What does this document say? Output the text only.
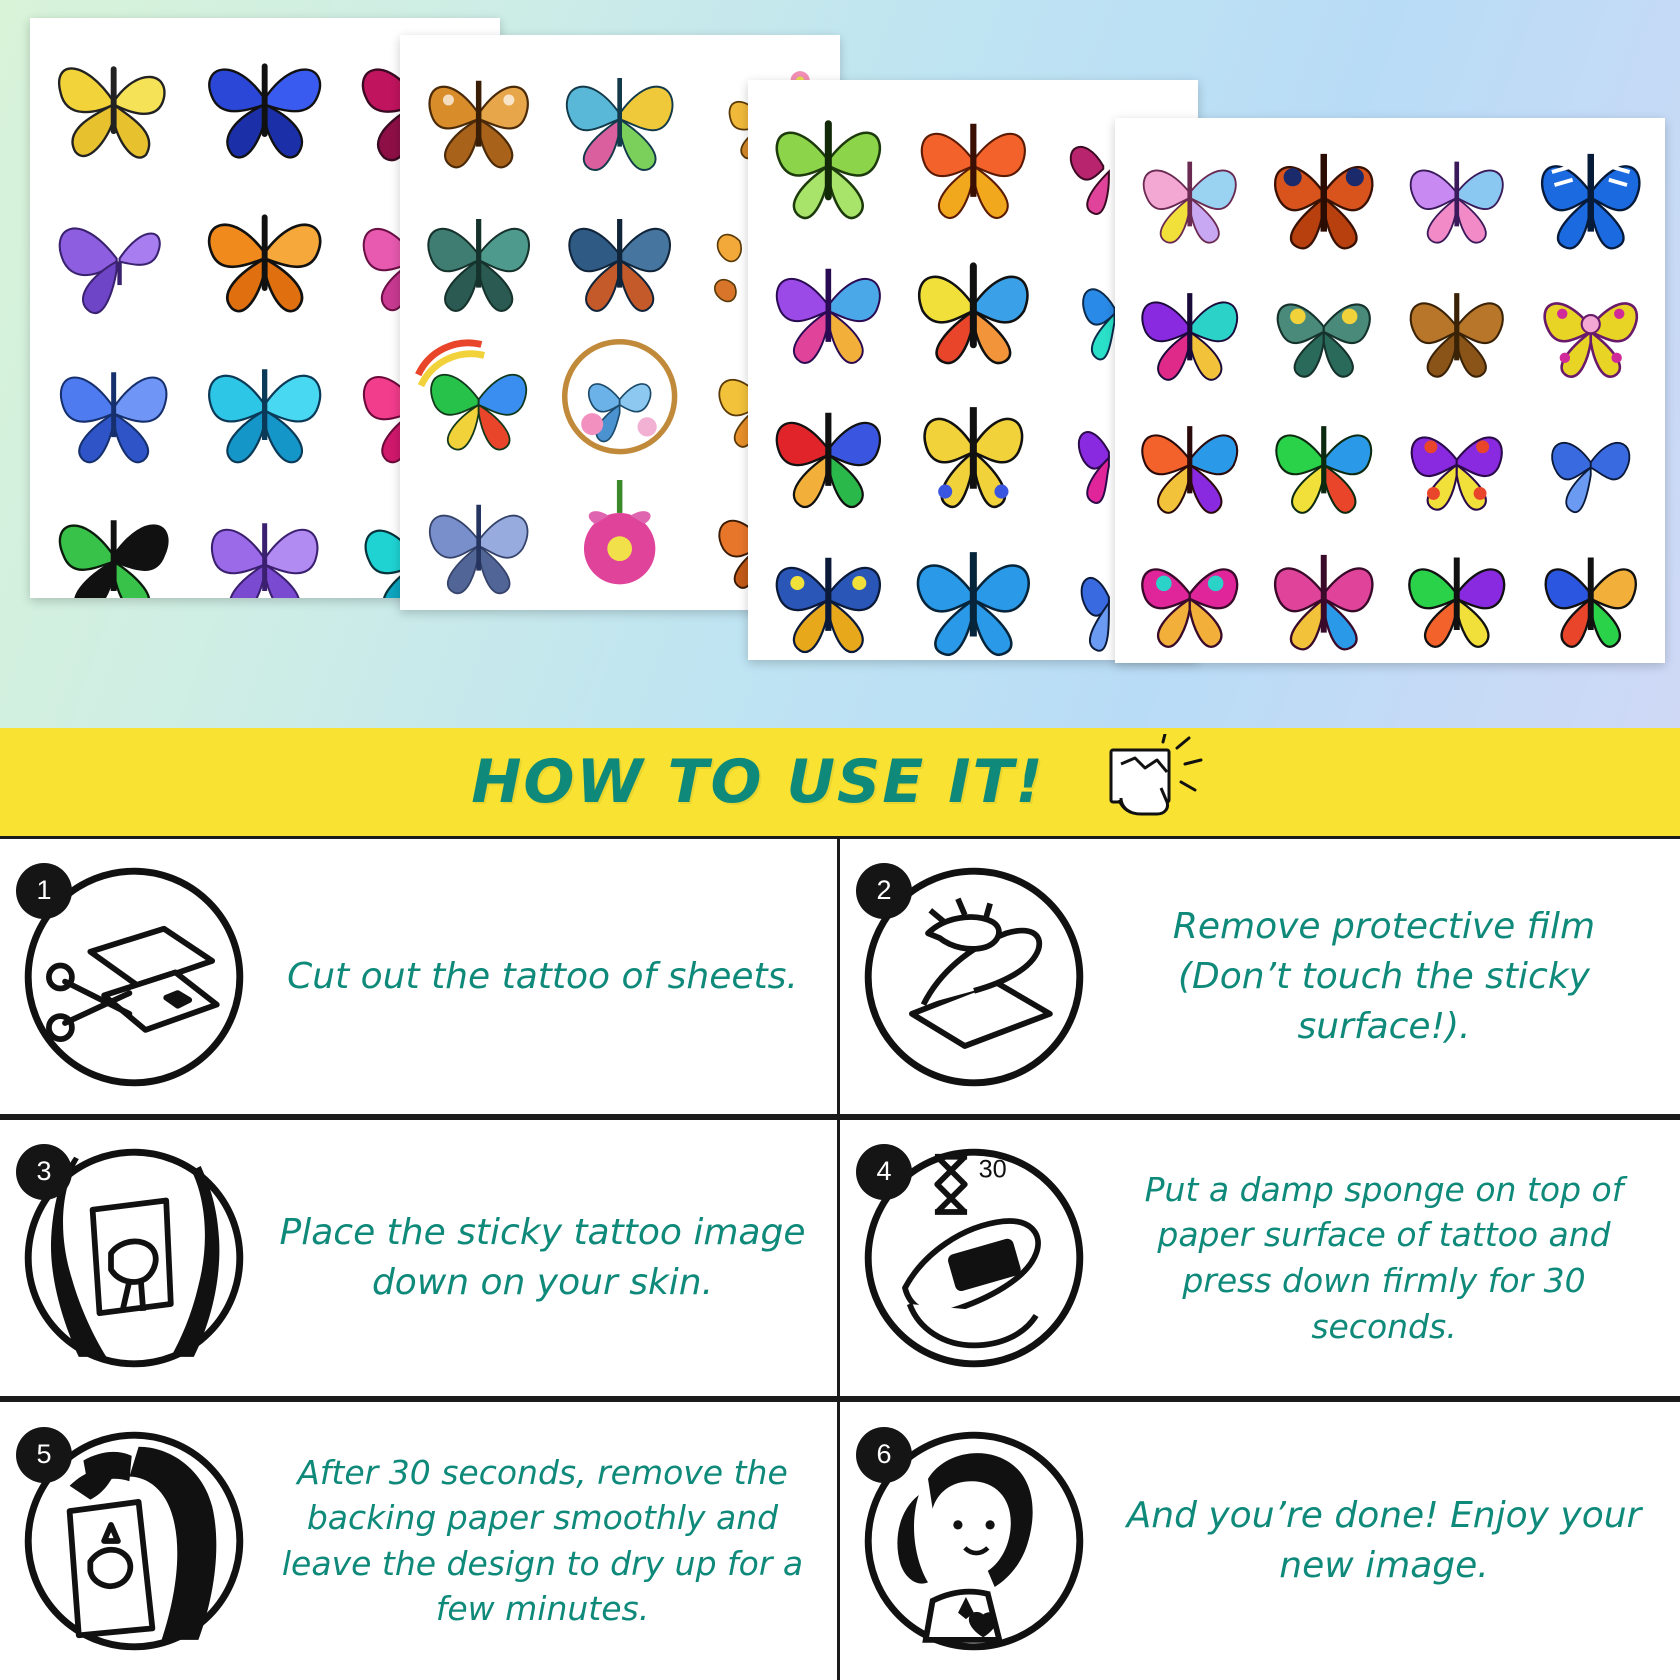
HOW TO USE IT!
1
Cut out the tattoo of sheets.
2
Remove protective film (Don’t touch the sticky surface!).
3
Place the sticky tattoo image down on your skin.
4	30
Put a damp sponge on top of paper surface of tattoo and press down firmly for 30 seconds.
5	After 30 seconds, remove the backing paper smoothly and leave the design to dry up for a few minutes.
6
And you’re done! Enjoy your new image.
